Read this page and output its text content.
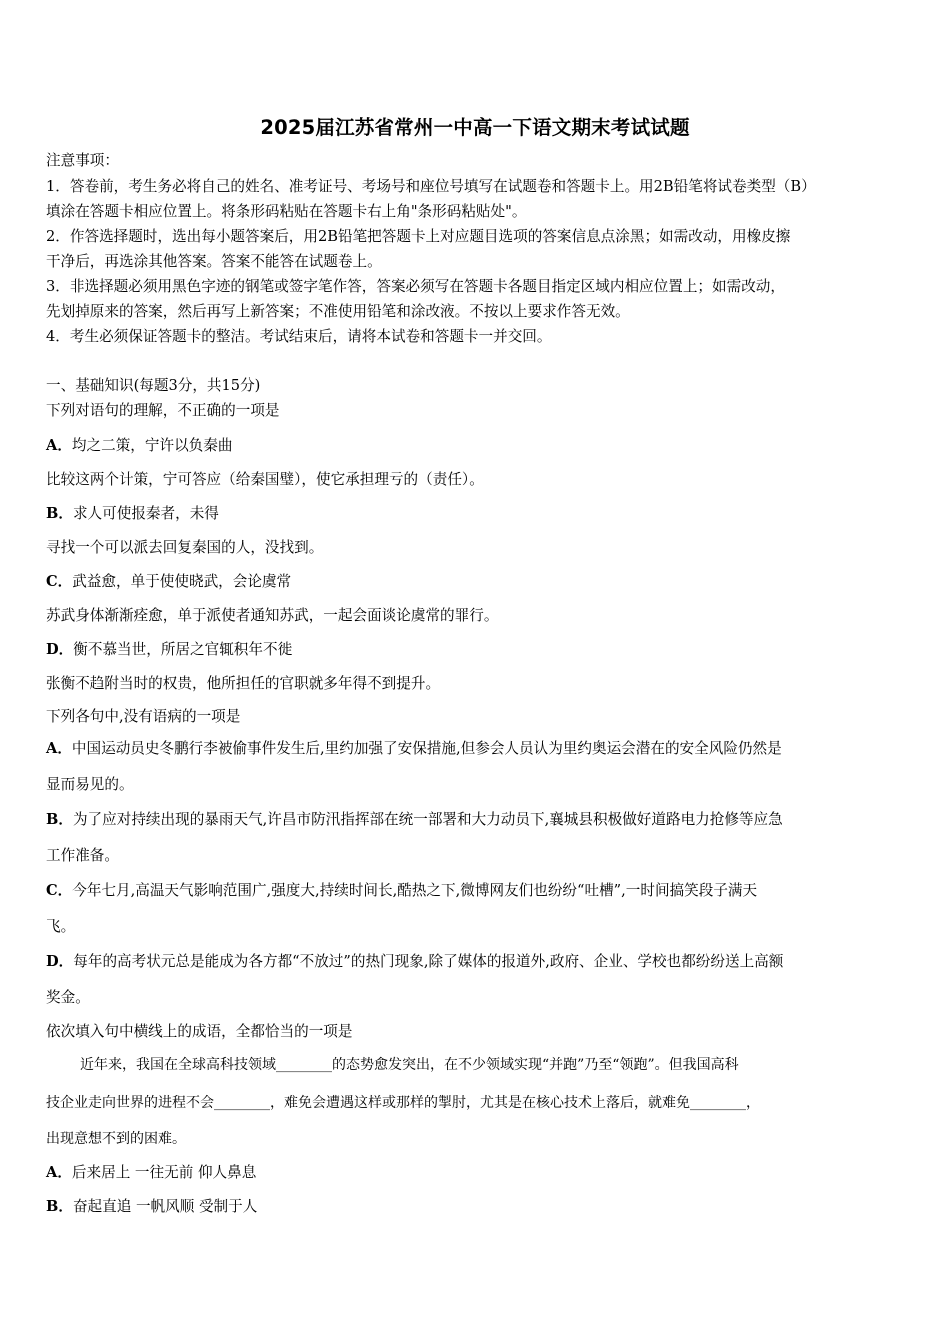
2025届江苏省常州一中高一下语文期末考试试题
注意事项：
1．答卷前，考生务必将自己的姓名、准考证号、考场号和座位号填写在试题卷和答题卡上。用2B铅笔将试卷类型（B）
填涂在答题卡相应位置上。将条形码粘贴在答题卡右上角"条形码粘贴处"。
2．作答选择题时，选出每小题答案后，用2B铅笔把答题卡上对应题目选项的答案信息点涂黑；如需改动，用橡皮擦
干净后，再选涂其他答案。答案不能答在试题卷上。
3．非选择题必须用黑色字迹的钢笔或签字笔作答，答案必须写在答题卡各题目指定区域内相应位置上；如需改动，
先划掉原来的答案，然后再写上新答案；不准使用铅笔和涂改液。不按以上要求作答无效。
4．考生必须保证答题卡的整洁。考试结束后，请将本试卷和答题卡一并交回。
一、基础知识(每题3分，共15分)
下列对语句的理解，不正确的一项是
A．均之二策，宁许以负秦曲
比较这两个计策，宁可答应（给秦国璧），使它承担理亏的（责任）。
B．求人可使报秦者，未得
寻找一个可以派去回复秦国的人，没找到。
C．武益愈，单于使使晓武，会论虞常
苏武身体渐渐痊愈，单于派使者通知苏武，一起会面谈论虞常的罪行。
D．衡不慕当世，所居之官辄积年不徙
张衡不趋附当时的权贵，他所担任的官职就多年得不到提升。
下列各句中,没有语病的一项是
A．中国运动员史冬鹏行李被偷事件发生后,里约加强了安保措施,但参会人员认为里约奥运会潜在的安全风险仍然是
显而易见的。
B．为了应对持续出现的暴雨天气,许昌市防汛指挥部在统一部署和大力动员下,襄城县积极做好道路电力抢修等应急
工作准备。
C．今年七月,高温天气影响范围广,强度大,持续时间长,酷热之下,微博网友们也纷纷“吐槽”,一时间搞笑段子满天
飞。
D．每年的高考状元总是能成为各方都“不放过”的热门现象,除了媒体的报道外,政府、企业、学校也都纷纷送上高额
奖金。
依次填入句中横线上的成语，全都恰当的一项是
近年来，我国在全球高科技领域________的态势愈发突出，在不少领域实现“并跑”乃至“领跑”。但我国高科
技企业走向世界的进程不会________，难免会遭遇这样或那样的掣肘，尤其是在核心技术上落后，就难免________，
出现意想不到的困难。
A．后来居上 一往无前 仰人鼻息
B．奋起直追 一帆风顺 受制于人
